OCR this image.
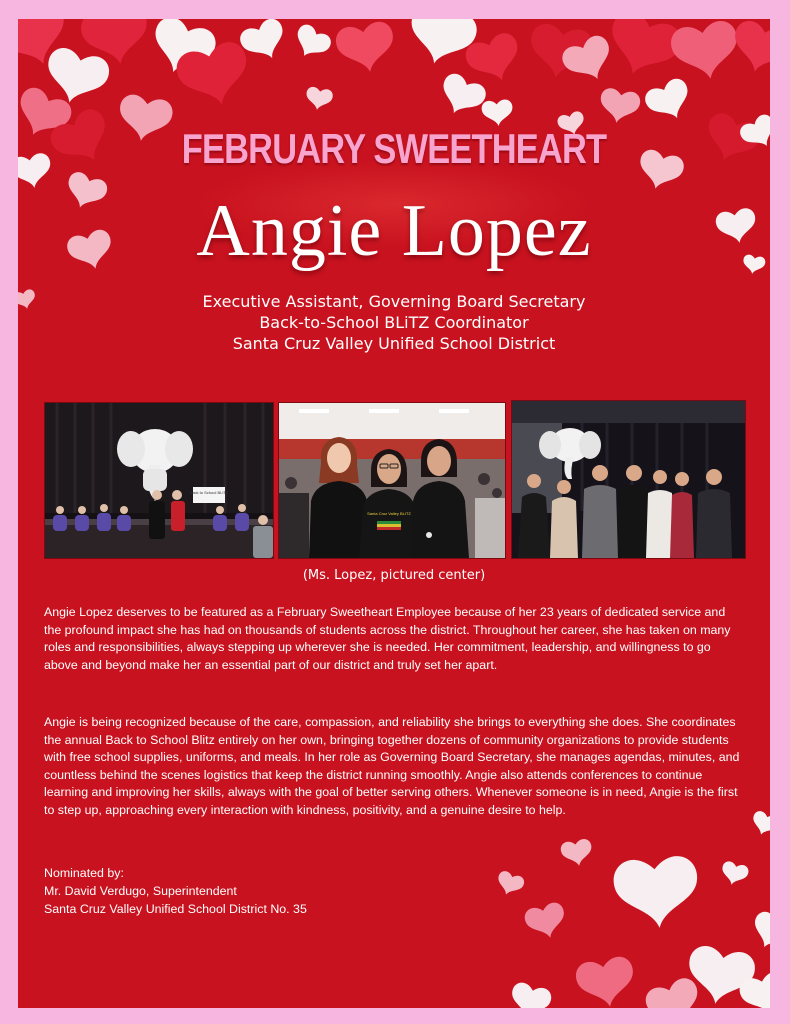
FEBRUARY SWEETHEART
Angie Lopez
Executive Assistant, Governing Board Secretary
Back-to-School BLiTZ Coordinator
Santa Cruz Valley Unified School District
Back to School BLITZ
Santa Cruz Valley BLITZ
(Ms. Lopez, pictured center)

Angie Lopez deserves to be featured as a February Sweetheart Employee because of her 23 years of dedicated service and the profound impact she has had on thousands of students across the district. Throughout her career, she has taken on many roles and responsibilities, always stepping up wherever she is needed. Her commitment, leadership, and willingness to go above and beyond make her an essential part of our district and truly set her apart.

Angie is being recognized because of the care, compassion, and reliability she brings to everything she does. She coordinates the annual Back to School Blitz entirely on her own, bringing together dozens of community organizations to provide students with free school supplies, uniforms, and meals. In her role as Governing Board Secretary, she manages agendas, minutes, and countless behind the scenes logistics that keep the district running smoothly. Angie also attends conferences to continue learning and improving her skills, always with the goal of better serving others. Whenever someone is in need, Angie is the first to step up, approaching every interaction with kindness, positivity, and a genuine desire to help.

Nominated by:
Mr. David Verdugo, Superintendent
Santa Cruz Valley Unified School District No. 35
